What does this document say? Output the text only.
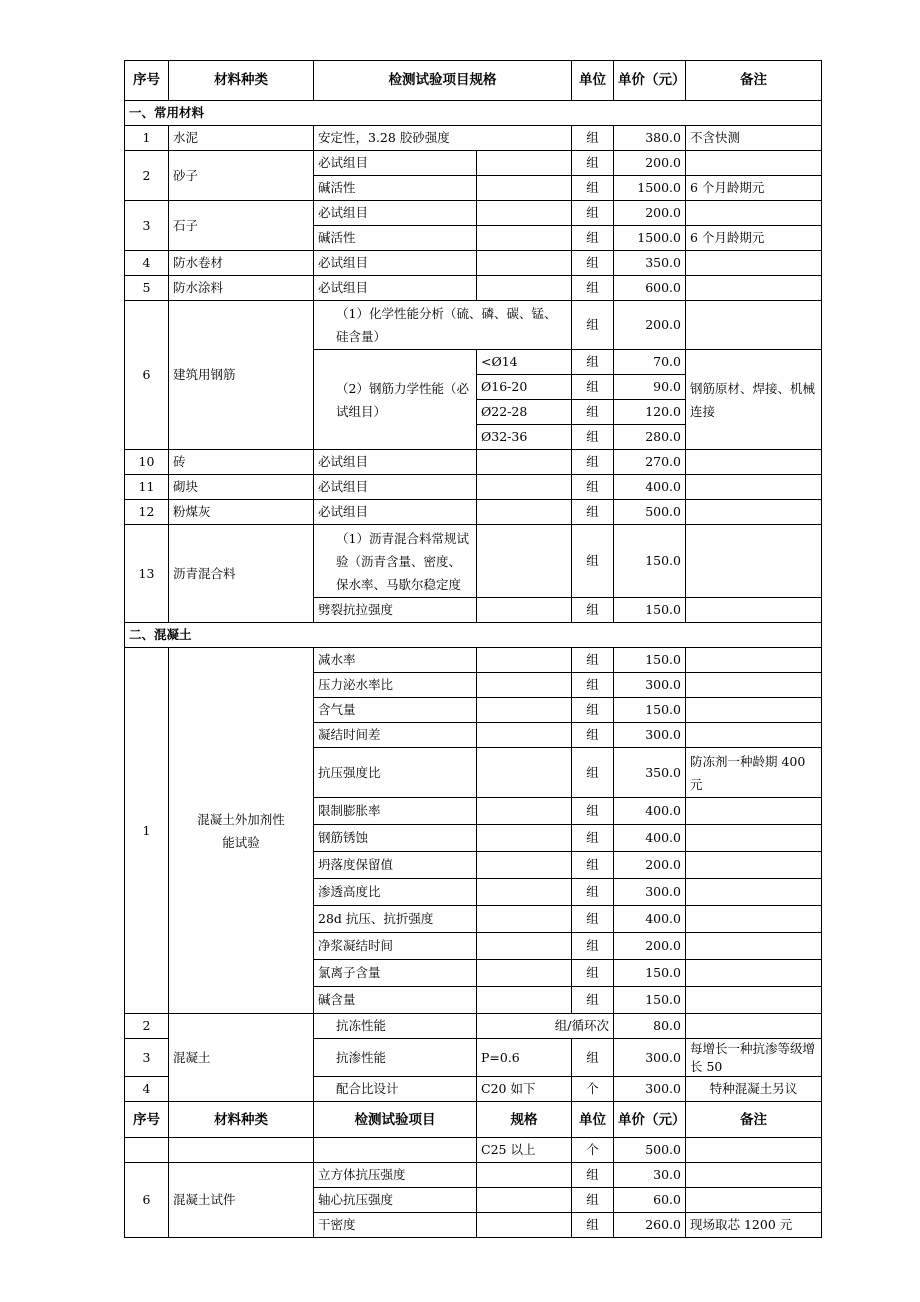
序号	材料种类	检测试验项目规格		单位	单价（元）	备注
一、常用材料						
1	水泥	安定性，3.28 胶砂强度		组	380.0	不含快测
2	砂子	必试组目		组	200.0	
		碱活性		组	1500.0	6 个月龄期元
3	石子	必试组目		组	200.0	
		碱活性		组	1500.0	6 个月龄期元
4	防水卷材	必试组目		组	350.0	
5	防水涂料	必试组目		组	600.0	
6	建筑用钢筋	（1）化学性能分析（硫、磷、碳、锰、硅含量）		组	200.0	
		（2）钢筋力学性能（必试组目）	<Ø14	组	70.0	钢筋原材、焊接、机械连接
			Ø16-20	组	90.0	
			Ø22-28	组	120.0	
			Ø32-36	组	280.0	
10	砖	必试组目		组	270.0	
11	砌块	必试组目		组	400.0	
12	粉煤灰	必试组目		组	500.0	
13	沥青混合料	（1）沥青混合料常规试验（沥青含量、密度、保水率、马歇尔稳定度		组	150.0	
		劈裂抗拉强度		组	150.0	
二、混凝土						
1	混凝土外加剂性能试验	减水率		组	150.0	
		压力泌水率比		组	300.0	
		含气量		组	150.0	
		凝结时间差		组	300.0	
		抗压强度比		组	350.0	防冻剂一种龄期 400 元
		限制膨胀率		组	400.0	
		钢筋锈蚀		组	400.0	
		坍落度保留值		组	200.0	
		渗透高度比		组	300.0	
		28d 抗压、抗折强度		组	400.0	
		净浆凝结时间		组	200.0	
		氯离子含量		组	150.0	
		碱含量		组	150.0	
2	混凝土	抗冻性能	组/循环次		80.0	
3		抗渗性能	P=0.6	组	300.0	每增长一种抗渗等级增长 50
4		配合比设计	C20 如下	个	300.0	特种混凝土另议
序号	材料种类	检测试验项目	规格	单位	单价（元）	备注
			C25 以上	个	500.0	
6	混凝土试件	立方体抗压强度		组	30.0	
		轴心抗压强度		组	60.0	
		干密度		组	260.0	现场取芯 1200 元
